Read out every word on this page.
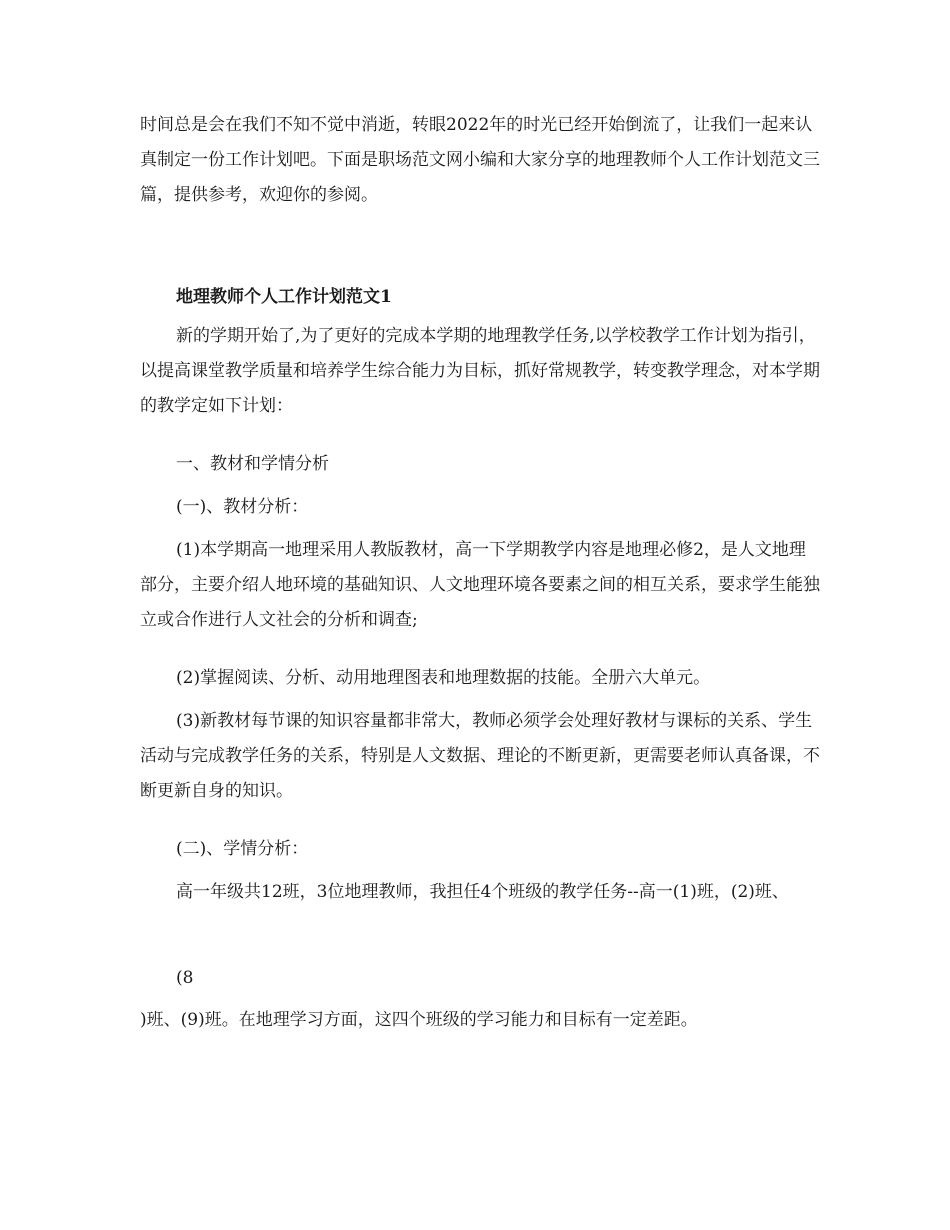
时间总是会在我们不知不觉中消逝，转眼2022年的时光已经开始倒流了，让我们一起来认真制定一份工作计划吧。下面是职场范文网小编和大家分享的地理教师个人工作计划范文三篇，提供参考，欢迎你的参阅。

地理教师个人工作计划范文1

新的学期开始了,为了更好的完成本学期的地理教学任务,以学校教学工作计划为指引，以提高课堂教学质量和培养学生综合能力为目标，抓好常规教学，转变教学理念，对本学期的教学定如下计划：

一、教材和学情分析

(一)、教材分析：

(1)本学期高一地理采用人教版教材，高一下学期教学内容是地理必修2，是人文地理部分，主要介绍人地环境的基础知识、人文地理环境各要素之间的相互关系，要求学生能独立或合作进行人文社会的分析和调查;

(2)掌握阅读、分析、动用地理图表和地理数据的技能。全册六大单元。

(3)新教材每节课的知识容量都非常大，教师必须学会处理好教材与课标的关系、学生活动与完成教学任务的关系，特别是人文数据、理论的不断更新，更需要老师认真备课，不断更新自身的知识。

(二)、学情分析：

高一年级共12班，3位地理教师，我担任4个班级的教学任务--高一(1)班，(2)班、

(8

)班、(9)班。在地理学习方面，这四个班级的学习能力和目标有一定差距。
